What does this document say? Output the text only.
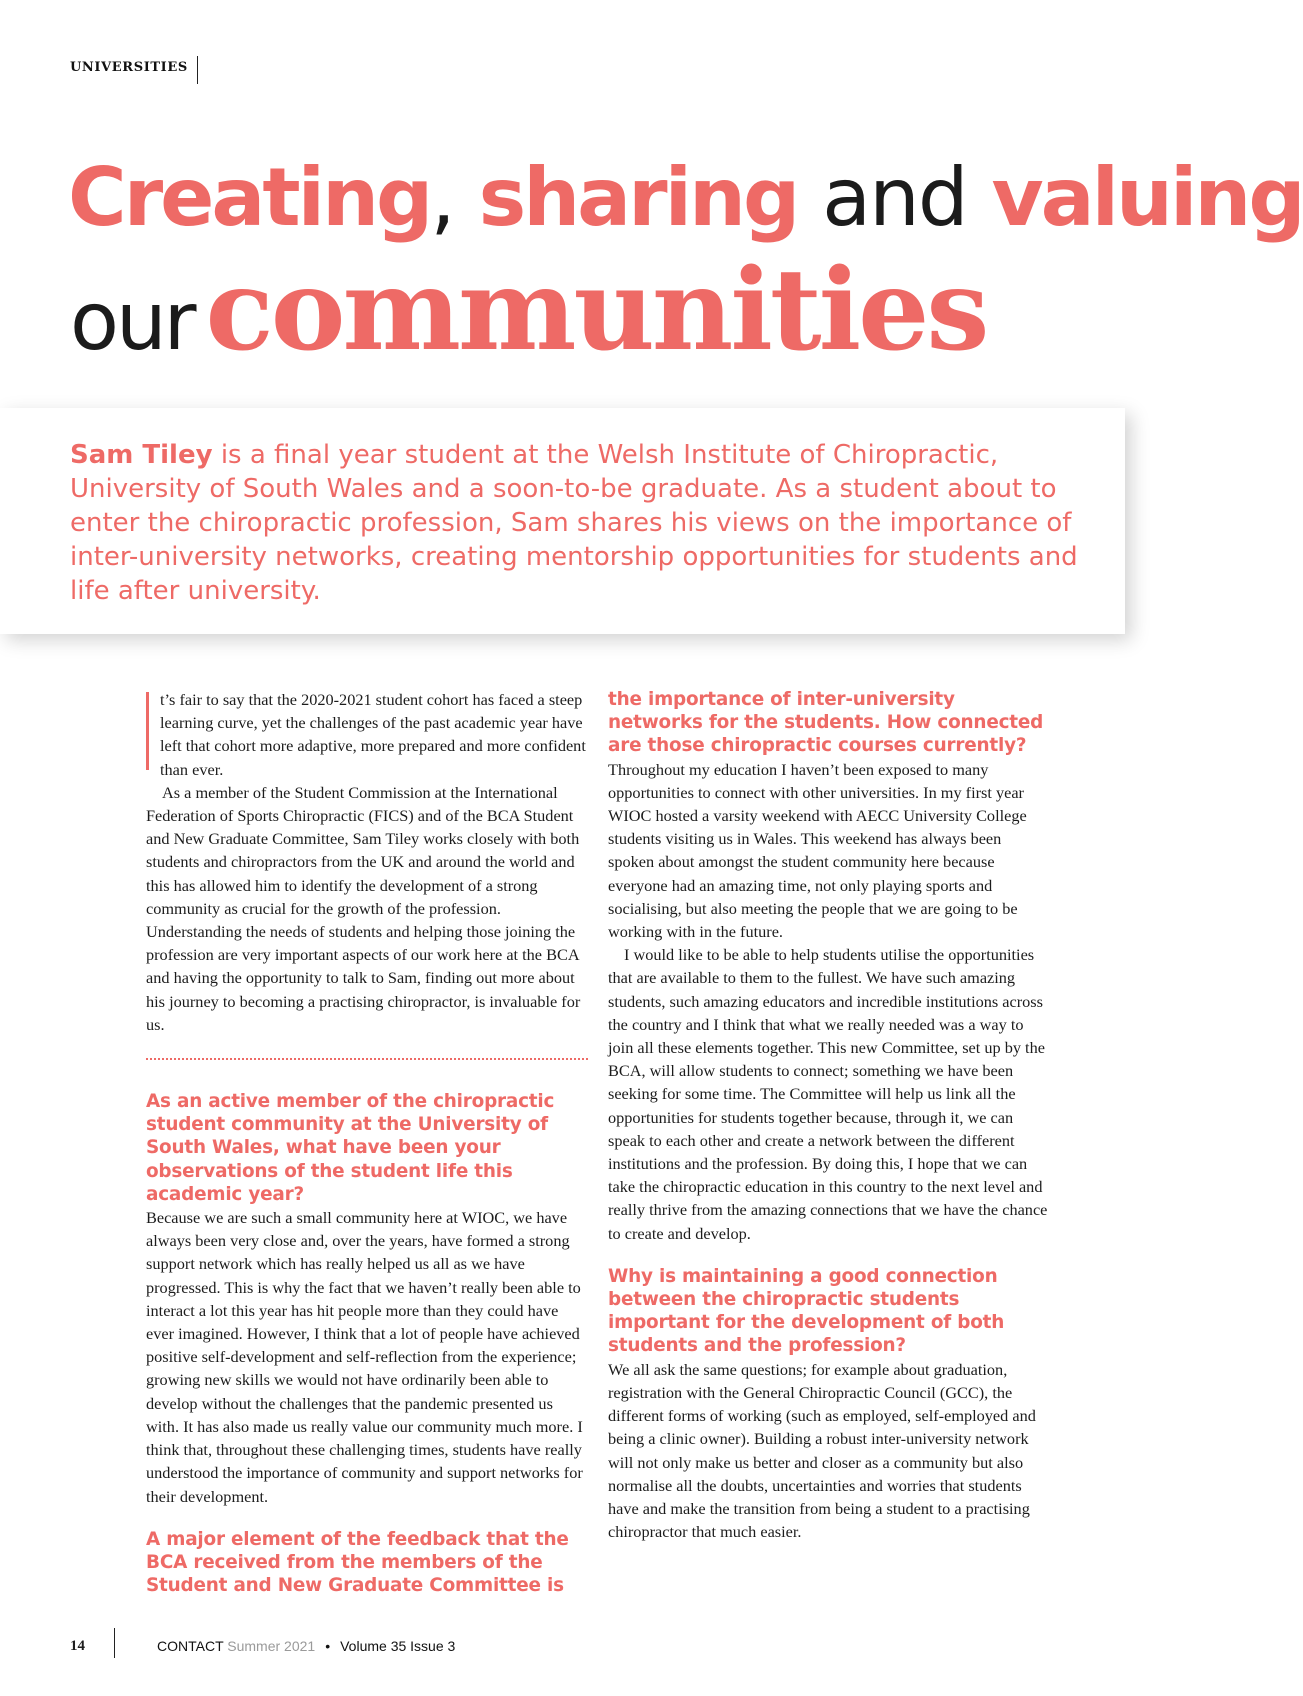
UNIVERSITIES
Creating, sharing and valuing
our communities
Sam Tiley is a final year student at the Welsh Institute of Chiropractic, University of South Wales and a soon-to-be graduate. As a student about to enter the chiropractic profession, Sam shares his views on the importance of inter-university networks, creating mentorship opportunities for students and life after university.

t’s fair to say that the 2020-2021 student cohort has faced a steep learning curve, yet the challenges of the past academic year have left that cohort more adaptive, more prepared and more confident than ever.

As a member of the Student Commission at the International Federation of Sports Chiropractic (FICS) and of the BCA Student and New Graduate Committee, Sam Tiley works closely with both students and chiropractors from the UK and around the world and this has allowed him to identify the development of a strong community as crucial for the growth of the profession. Understanding the needs of students and helping those joining the profession are very important aspects of our work here at the BCA and having the opportunity to talk to Sam, finding out more about his journey to becoming a practising chiropractor, is invaluable for us.

As an active member of the chiropractic student community at the University of South Wales, what have been your observations of the student life this academic year?

Because we are such a small community here at WIOC, we have always been very close and, over the years, have formed a strong support network which has really helped us all as we have progressed. This is why the fact that we haven’t really been able to interact a lot this year has hit people more than they could have ever imagined. However, I think that a lot of people have achieved positive self-development and self-reflection from the experience; growing new skills we would not have ordinarily been able to develop without the challenges that the pandemic presented us with. It has also made us really value our community much more. I think that, throughout these challenging times, students have really understood the importance of community and support networks for their development.

A major element of the feedback that the BCA received from the members of the Student and New Graduate Committee is

the importance of inter-university networks for the students. How connected are those chiropractic courses currently?

Throughout my education I haven’t been exposed to many opportunities to connect with other universities. In my first year WIOC hosted a varsity weekend with AECC University College students visiting us in Wales. This weekend has always been spoken about amongst the student community here because everyone had an amazing time, not only playing sports and socialising, but also meeting the people that we are going to be working with in the future.

I would like to be able to help students utilise the opportunities that are available to them to the fullest. We have such amazing students, such amazing educators and incredible institutions across the country and I think that what we really needed was a way to join all these elements together. This new Committee, set up by the BCA, will allow students to connect; something we have been seeking for some time. The Committee will help us link all the opportunities for students together because, through it, we can speak to each other and create a network between the different institutions and the profession. By doing this, I hope that we can take the chiropractic education in this country to the next level and really thrive from the amazing connections that we have the chance to create and develop.

Why is maintaining a good connection between the chiropractic students important for the development of both students and the profession?

We all ask the same questions; for example about graduation, registration with the General Chiropractic Council (GCC), the different forms of working (such as employed, self-employed and being a clinic owner). Building a robust inter-university network will not only make us better and closer as a community but also normalise all the doubts, uncertainties and worries that students have and make the transition from being a student to a practising chiropractor that much easier.

14	CONTACT Summer 2021 • Volume 35 Issue 3
